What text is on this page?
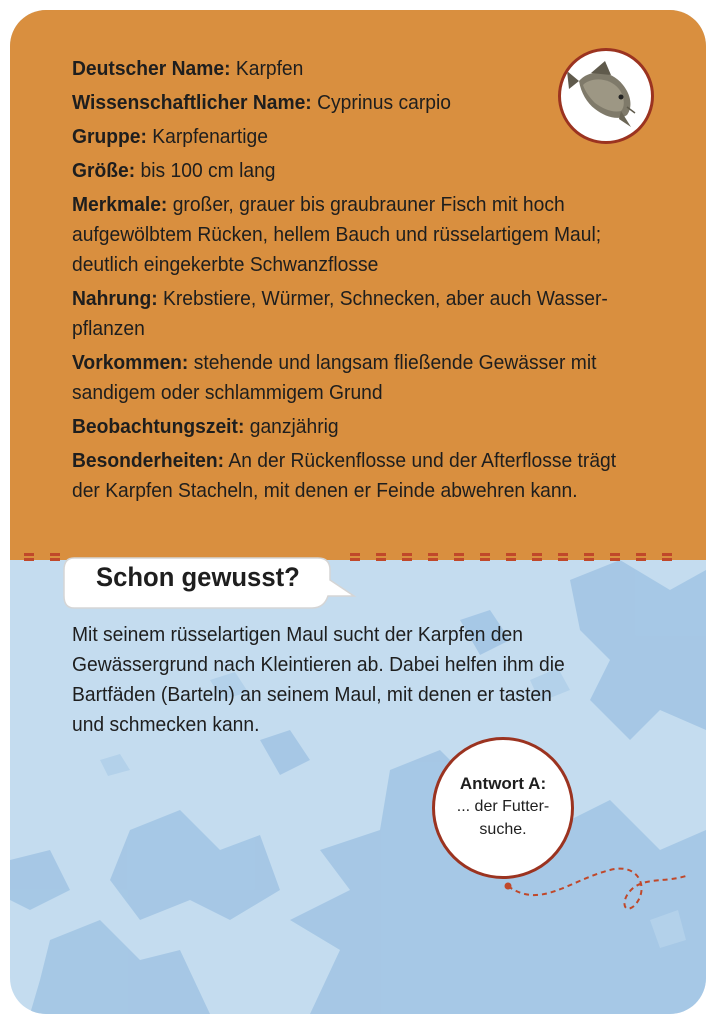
Deutscher Name: Karpfen
Wissenschaftlicher Name: Cyprinus carpio
Gruppe: Karpfenartige
Größe: bis 100 cm lang
Merkmale: großer, grauer bis graubrauner Fisch mit hoch
aufgewölbtem Rücken, hellem Bauch und rüsselartigem Maul;
deutlich eingekerbte Schwanzflosse
Nahrung: Krebstiere, Würmer, Schnecken, aber auch Wasser-
pflanzen
Vorkommen: stehende und langsam fließende Gewässer mit
sandigem oder schlammigem Grund
Beobachtungszeit: ganzjährig
Besonderheiten: An der Rückenflosse und der Afterflosse trägt
der Karpfen Stacheln, mit denen er Feinde abwehren kann.
Schon gewusst?
Mit seinem rüsselartigen Maul sucht der Karpfen den
Gewässergrund nach Kleintieren ab. Dabei helfen ihm die
Bartfäden (Barteln) an seinem Maul, mit denen er tasten
und schmecken kann.
Antwort A:
... der Futter-
suche.
